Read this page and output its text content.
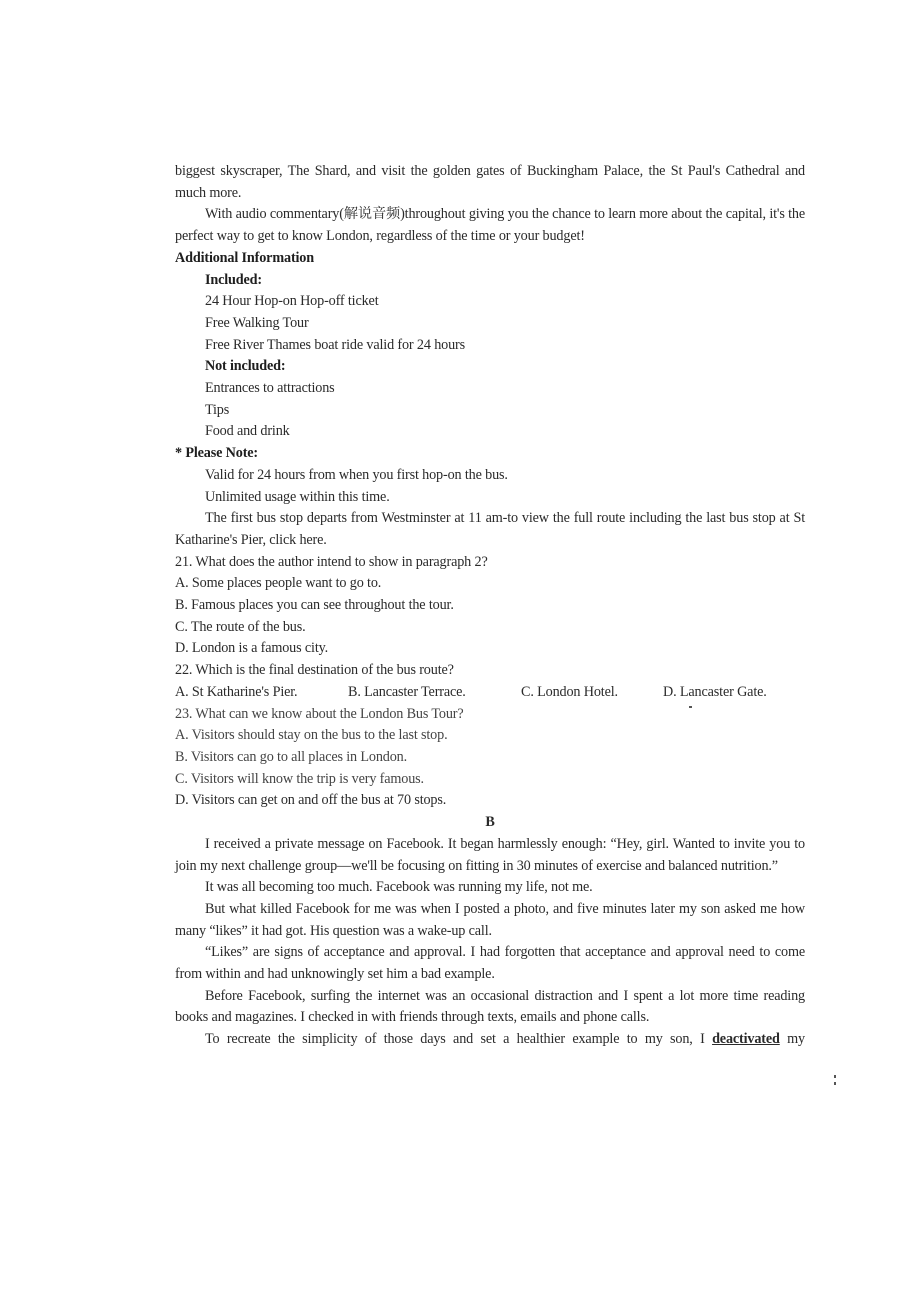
biggest skyscraper, The Shard, and visit the golden gates of Buckingham Palace, the St Paul's Cathedral and much more.
With audio commentary(解说音频)throughout giving you the chance to learn more about the capital, it's the perfect way to get to know London, regardless of the time or your budget!
Additional Information
Included:
24 Hour Hop-on Hop-off ticket
Free Walking Tour
Free River Thames boat ride valid for 24 hours
Not included:
Entrances to attractions
Tips
Food and drink
* Please Note:
Valid for 24 hours from when you first hop-on the bus.
Unlimited usage within this time.
The first bus stop departs from Westminster at 11 am-to view the full route including the last bus stop at St Katharine's Pier, click here.
21. What does the author intend to show in paragraph 2?
A. Some places people want to go to.
B. Famous places you can see throughout the tour.
C. The route of the bus.
D. London is a famous city.
22. Which is the final destination of the bus route?
A. St Katharine's Pier.	B. Lancaster Terrace.	C. London Hotel.	D. Lancaster Gate.
23. What can we know about the London Bus Tour?
A. Visitors should stay on the bus to the last stop.
B. Visitors can go to all places in London.
C. Visitors will know the trip is very famous.
D. Visitors can get on and off the bus at 70 stops.
B
I received a private message on Facebook. It began harmlessly enough: “Hey, girl. Wanted to invite you to join my next challenge group—we'll be focusing on fitting in 30 minutes of exercise and balanced nutrition.”
It was all becoming too much. Facebook was running my life, not me.
But what killed Facebook for me was when I posted a photo, and five minutes later my son asked me how many “likes” it had got. His question was a wake-up call.
“Likes” are signs of acceptance and approval. I had forgotten that acceptance and approval need to come from within and had unknowingly set him a bad example.
Before Facebook, surfing the internet was an occasional distraction and I spent a lot more time reading books and magazines. I checked in with friends through texts, emails and phone calls.
To recreate the simplicity of those days and set a healthier example to my son, I deactivated my
